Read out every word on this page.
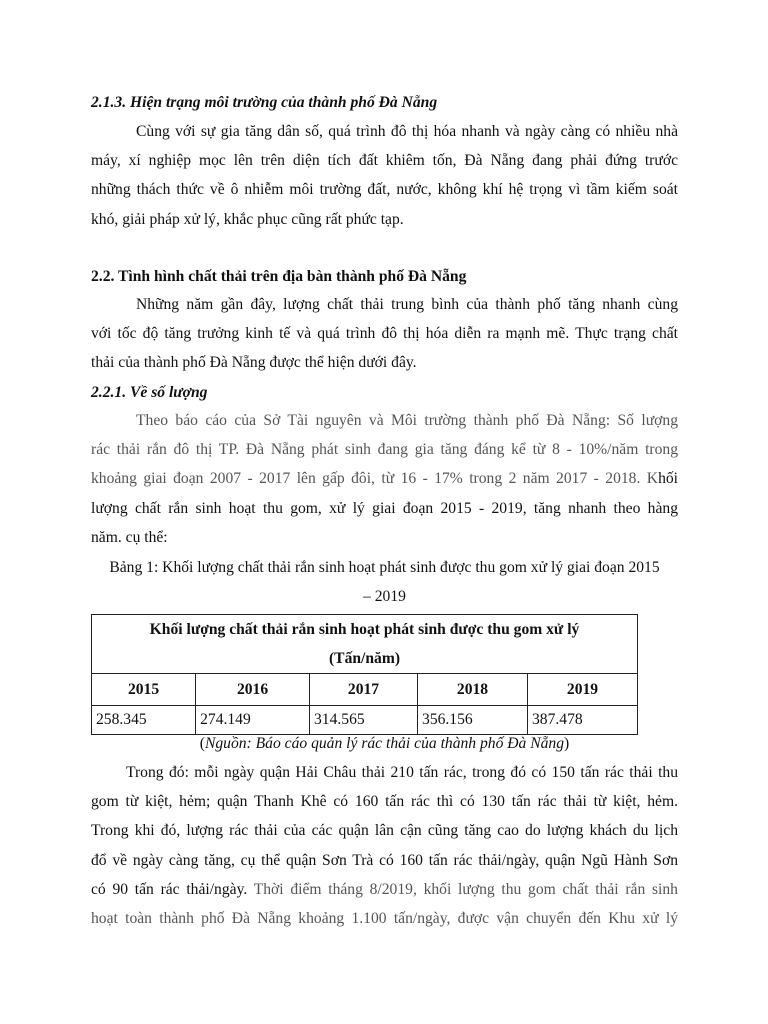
2.1.3. Hiện trạng môi trường của thành phố Đà Nẵng
Cùng với sự gia tăng dân số, quá trình đô thị hóa nhanh và ngày càng có nhiều nhà
máy, xí nghiệp mọc lên trên diện tích đất khiêm tốn, Đà Nẵng đang phải đứng trước
những thách thức về ô nhiễm môi trường đất, nước, không khí hệ trọng vì tầm kiếm soát
khó, giải pháp xử lý, khắc phục cũng rất phức tạp.
2.2. Tình hình chất thải trên địa bàn thành phố Đà Nẵng
Những năm gần đây, lượng chất thải trung bình của thành phố tăng nhanh cùng
với tốc độ tăng trưởng kinh tế và quá trình đô thị hóa diễn ra mạnh mẽ. Thực trạng chất
thải của thành phố Đà Nẵng được thể hiện dưới đây.
2.2.1. Về số lượng
Theo báo cáo của Sở Tài nguyên và Môi trường thành phố Đà Nẵng: Số lượng
rác thải rắn đô thị TP. Đà Nẵng phát sinh đang gia tăng đáng kể từ 8 - 10%/năm trong
khoảng giai đoạn 2007 - 2017 lên gấp đôi, từ 16 - 17% trong 2 năm 2017 - 2018. Khối
lượng chất rắn sinh hoạt thu gom, xử lý giai đoạn 2015 - 2019, tăng nhanh theo hàng
năm. cụ thể:
Bảng 1: Khối lượng chất thải rắn sinh hoạt phát sinh được thu gom xử lý giai đoạn 2015
– 2019
Khối lượng chất thải rắn sinh hoạt phát sinh được thu gom xử lý
(Tấn/năm)				

2015	2016	2017	2018	2019
258.345	274.149	314.565	356.156	387.478
(Nguồn: Báo cáo quản lý rác thải của thành phố Đà Nẵng)
Trong đó: mỗi ngày quận Hải Châu thải 210 tấn rác, trong đó có 150 tấn rác thải thu
gom từ kiệt, hẻm; quận Thanh Khê có 160 tấn rác thì có 130 tấn rác thải từ kiệt, hẻm.
Trong khi đó, lượng rác thải của các quận lân cận cũng tăng cao do lượng khách du lịch
đổ về ngày càng tăng, cụ thể quận Sơn Trà có 160 tấn rác thải/ngày, quận Ngũ Hành Sơn
có 90 tấn rác thải/ngày. Thời điểm tháng 8/2019, khối lượng thu gom chất thải rắn sinh
hoạt toàn thành phố Đà Nẵng khoảng 1.100 tấn/ngày, được vận chuyển đến Khu xử lý
